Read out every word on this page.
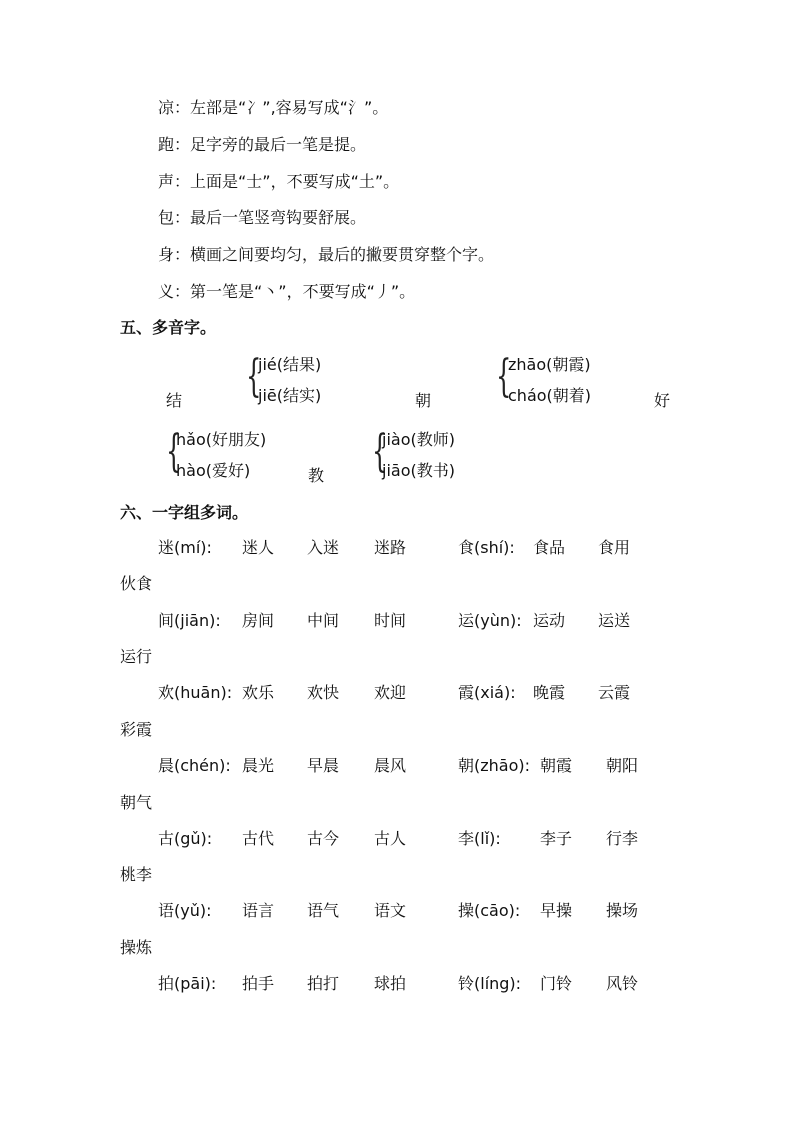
凉：左部是“冫”,容易写成“氵”。
跑：足字旁的最后一笔是提。
声：上面是“士”，不要写成“土”。
包：最后一笔竖弯钩要舒展。
身：横画之间要均匀，最后的撇要贯穿整个字。
义：第一笔是“丶”，不要写成“丿”。
五、多音字。
结 {
jié(结果)
jiē(结实)	朝 {
zhāo(朝霞)
cháo(朝着)	好
{
hǎo(好朋友)
hào(爱好)	教 {
jiào(教师)
jiāo(教书)
六、一字组多词。
迷(mí): 迷人 入迷 迷路	食(shí): 食品 食用
伙食
间(jiān): 房间 中间 时间	运(yùn): 运动 运送
运行
欢(huān): 欢乐 欢快 欢迎	霞(xiá): 晚霞 云霞
彩霞
晨(chén): 晨光 早晨 晨风	朝(zhāo): 朝霞 朝阳
朝气
古(gǔ): 古代 古今 古人	李(lǐ): 李子 行李
桃李
语(yǔ): 语言 语气 语文	操(cāo): 早操 操场
操炼
拍(pāi): 拍手 拍打 球拍	铃(líng): 门铃 风铃
